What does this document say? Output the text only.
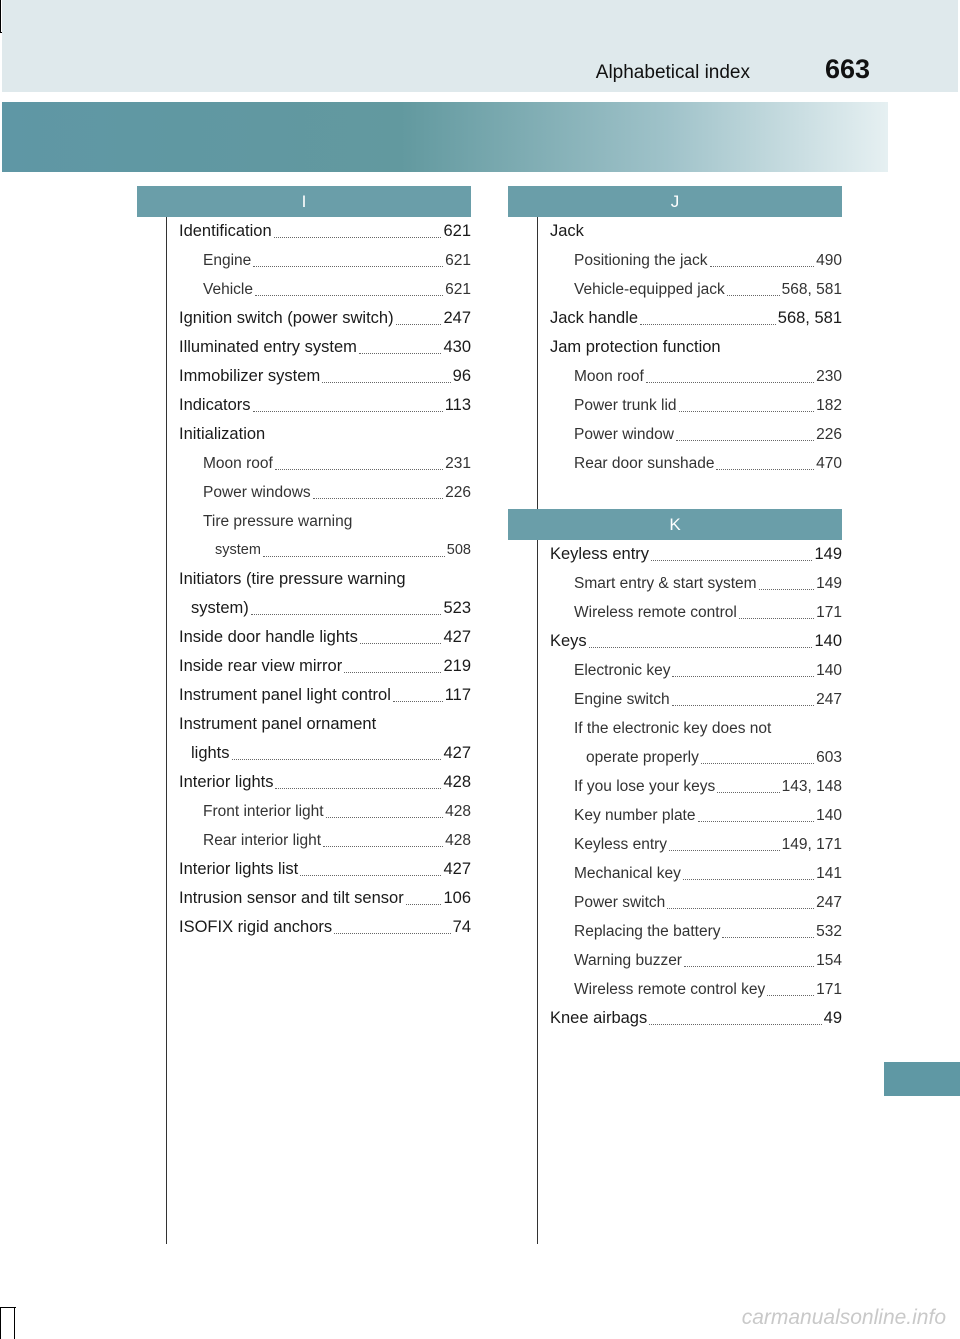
Alphabetical index	663
I	J
K
Identification	621
Engine	621
Vehicle	621
Ignition switch (power switch)	247
Illuminated entry system	430
Immobilizer system	96
Indicators	113
Initialization
Moon roof	231
Power windows	226
Tire pressure warning
system	508
Initiators (tire pressure warning
system)	523
Inside door handle lights	427
Inside rear view mirror	219
Instrument panel light control	117
Instrument panel ornament
lights	427
Interior lights	428
Front interior light	428
Rear interior light	428
Interior lights list	427
Intrusion sensor and tilt sensor 106
ISOFIX rigid anchors	74
Jack
Positioning the jack	490
Vehicle-equipped jack	568, 581
Jack handle	568, 581
Jam protection function
Moon roof	230
Power trunk lid	182
Power window	226
Rear door sunshade	470
Keyless entry	149
Smart entry & start system	149
Wireless remote control	171
Keys	140
Electronic key	140
Engine switch	247
If the electronic key does not
operate properly	603
If you lose your keys	143, 148
Key number plate	140
Keyless entry	149, 171
Mechanical key	141
Power switch	247
Replacing the battery	532
Warning buzzer	154
Wireless remote control key	171
Knee airbags	49
carmanualsonline.info
